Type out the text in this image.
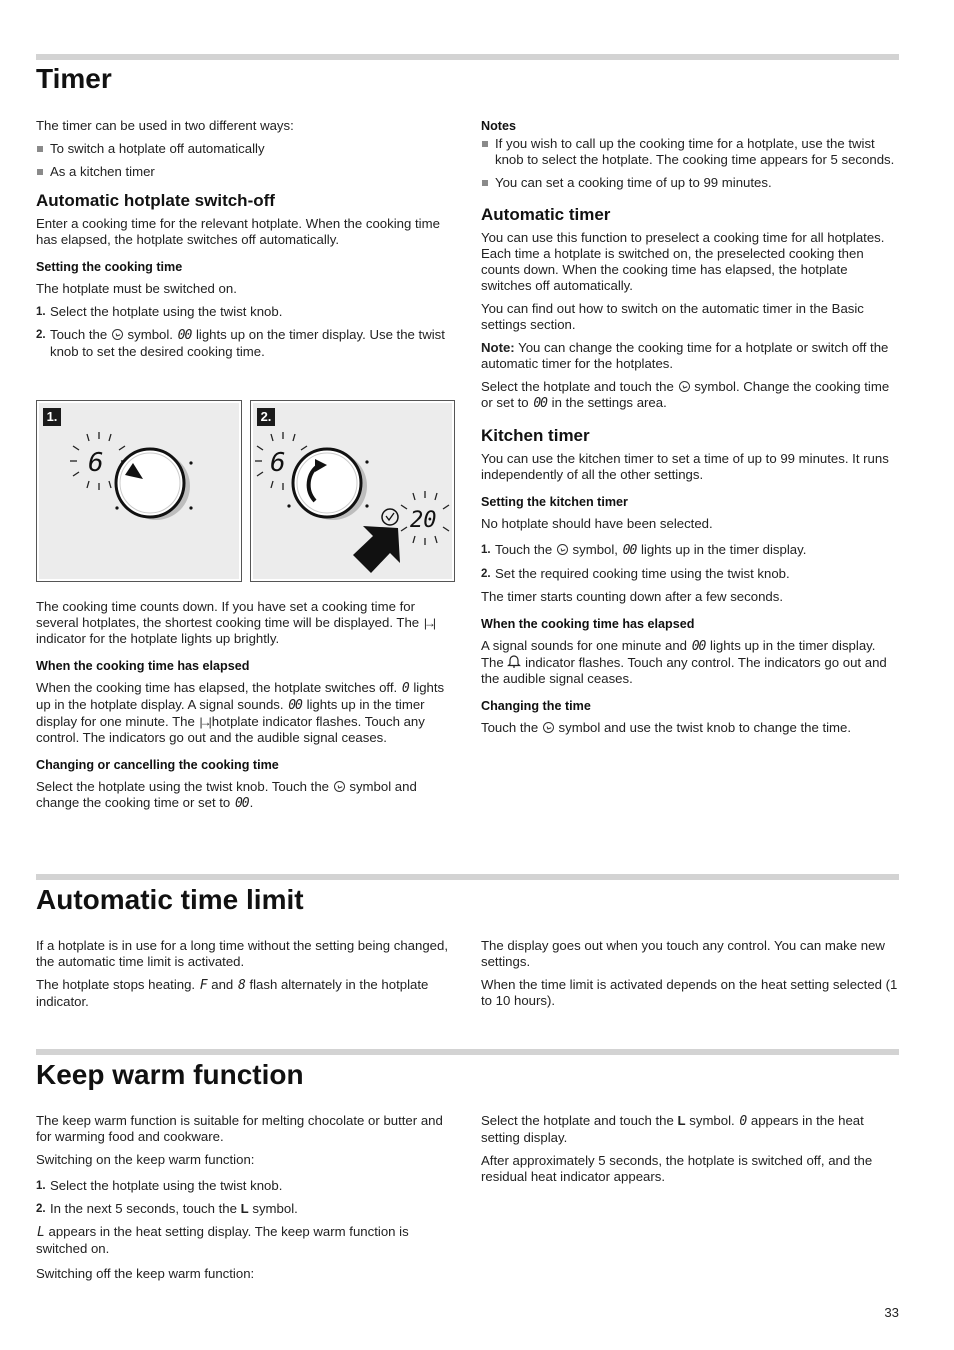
Timer

The timer can be used in two different ways:

To switch a hotplate off automatically
As a kitchen timer
Automatic hotplate switch-off

Enter a cooking time for the relevant hotplate. When the cooking time has elapsed, the hotplate switches off automatically.

Setting the cooking time

The hotplate must be switched on.

1. Select the hotplate using the twist knob.
2. Touch the symbol. 00 lights up on the timer display. Use the twist knob to set the desired cooking time.
1.
6
2.
6
20

The cooking time counts down. If you have set a cooking time for several hotplates, the shortest cooking time will be displayed. The |→|indicator for the hotplate lights up brightly.

When the cooking time has elapsed

When the cooking time has elapsed, the hotplate switches off. 0 lights up in the hotplate display. A signal sounds. 00 lights up in the timer display for one minute. The |→| hotplate indicator flashes. Touch any control. The indicators go out and the audible signal ceases.

Changing or cancelling the cooking time

Select the hotplate using the twist knob. Touch the symbol and change the cooking time or set to 00.

Notes
If you wish to call up the cooking time for a hotplate, use the twist knob to select the hotplate. The cooking time appears for 5 seconds.
You can set a cooking time of up to 99 minutes.
Automatic timer

You can use this function to preselect a cooking time for all hotplates. Each time a hotplate is switched on, the preselected cooking then counts down. When the cooking time has elapsed, the hotplate switches off automatically.

You can find out how to switch on the automatic timer in the Basic settings section.

Note: You can change the cooking time for a hotplate or switch off the automatic timer for the hotplates.

Select the hotplate and touch the symbol. Change the cooking time or set to 00 in the settings area.

Kitchen timer

You can use the kitchen timer to set a time of up to 99 minutes. It runs independently of all the other settings.

Setting the kitchen timer

No hotplate should have been selected.

1. Touch the symbol, 00 lights up in the timer display.
2. Set the required cooking time using the twist knob.

The timer starts counting down after a few seconds.

When the cooking time has elapsed

A signal sounds for one minute and 00 lights up in the timer display. The indicator flashes. Touch any control. The indicators go out and the audible signal ceases.

Changing the time

Touch the symbol and use the twist knob to change the time.

Automatic time limit

If a hotplate is in use for a long time without the setting being changed, the automatic time limit is activated.

The hotplate stops heating. F and 8 flash alternately in the hotplate indicator.

The display goes out when you touch any control. You can make new settings.

When the time limit is activated depends on the heat setting selected (1 to 10 hours).

Keep warm function

The keep warm function is suitable for melting chocolate or butter and for warming food and cookware.

Switching on the keep warm function:

1. Select the hotplate using the twist knob.
2. In the next 5 seconds, touch the L symbol.

L appears in the heat setting display. The keep warm function is switched on.

Switching off the keep warm function:

Select the hotplate and touch the L symbol. 0 appears in the heat setting display.

After approximately 5 seconds, the hotplate is switched off, and the residual heat indicator appears.

33
